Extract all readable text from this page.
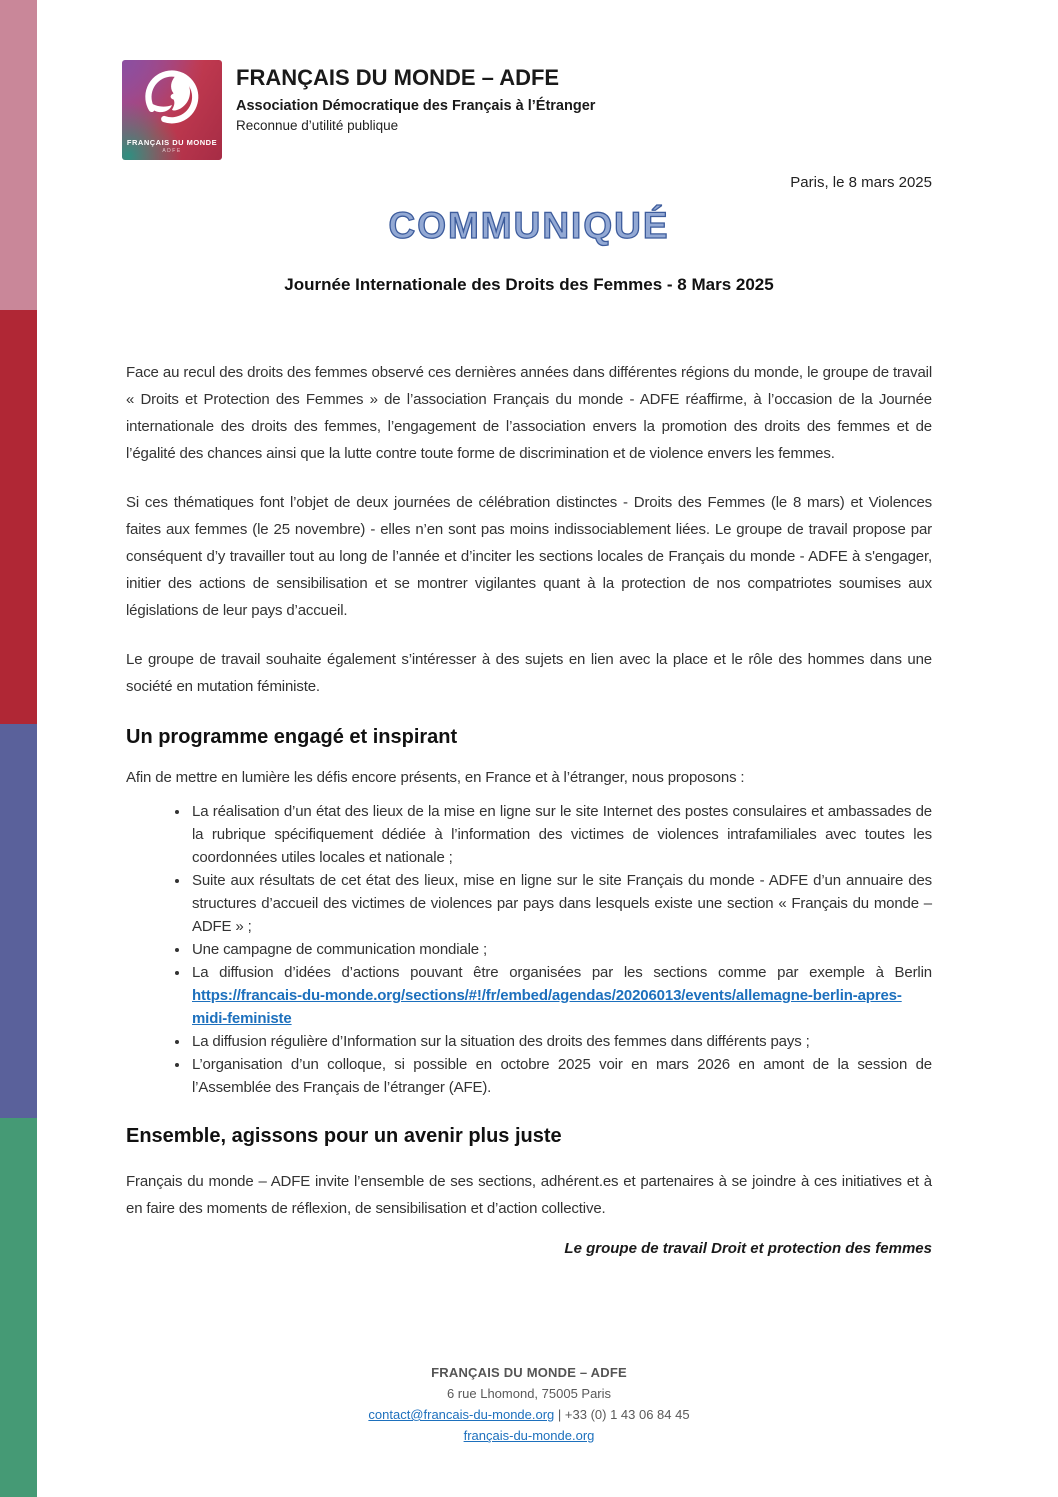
FRANÇAIS DU MONDE
ADFE
FRANÇAIS DU MONDE – ADFE
Association Démocratique des Français à l’Étranger
Reconnue d’utilité publique
Paris, le 8 mars 2025
COMMUNIQUÉ
Journée Internationale des Droits des Femmes - 8 Mars 2025

Face au recul des droits des femmes observé ces dernières années dans différentes régions du monde, le groupe de travail « Droits et Protection des Femmes » de l’association Français du monde - ADFE réaffirme, à l’occasion de la Journée internationale des droits des femmes, l’engagement de l’association envers la promotion des droits des femmes et de l’égalité des chances ainsi que la lutte contre toute forme de discrimination et de violence envers les femmes.

Si ces thématiques font l’objet de deux journées de célébration distinctes - Droits des Femmes (le 8 mars) et Violences faites aux femmes (le 25 novembre) - elles n’en sont pas moins indissociablement liées. Le groupe de travail propose par conséquent d’y travailler tout au long de l’année et d’inciter les sections locales de Français du monde - ADFE à s'engager, initier des actions de sensibilisation et se montrer vigilantes quant à la protection de nos compatriotes soumises aux législations de leur pays d’accueil.

Le groupe de travail souhaite également s’intéresser à des sujets en lien avec la place et le rôle des hommes dans une société en mutation féministe.

Un programme engagé et inspirant

Afin de mettre en lumière les défis encore présents, en France et à l’étranger, nous proposons :

• La réalisation d’un état des lieux de la mise en ligne sur le site Internet des postes consulaires et ambassades de la rubrique spécifiquement dédiée à l’information des victimes de violences intrafamiliales avec toutes les coordonnées utiles locales et nationale ;
• Suite aux résultats de cet état des lieux, mise en ligne sur le site Français du monde - ADFE d’un annuaire des structures d’accueil des victimes de violences par pays dans lesquels existe une section « Français du monde – ADFE » ;
• Une campagne de communication mondiale ;
• La diffusion d’idées d’actions pouvant être organisées par les sections comme par exemple à Berlin https://francais-du-monde.org/sections/#!/fr/embed/agendas/20206013/events/allemagne-berlin-apres-midi-feministe
• La diffusion régulière d’Information sur la situation des droits des femmes dans différents pays ;
• L’organisation d’un colloque, si possible en octobre 2025 voir en mars 2026 en amont de la session de l’Assemblée des Français de l’étranger (AFE).
Ensemble, agissons pour un avenir plus juste

Français du monde – ADFE invite l’ensemble de ses sections, adhérent.es et partenaires à se joindre à ces initiatives et à en faire des moments de réflexion, de sensibilisation et d’action collective.

Le groupe de travail Droit et protection des femmes
FRANÇAIS DU MONDE – ADFE
6 rue Lhomond, 75005 Paris
contact@francais-du-monde.org | +33 (0) 1 43 06 84 45
français-du-monde.org
